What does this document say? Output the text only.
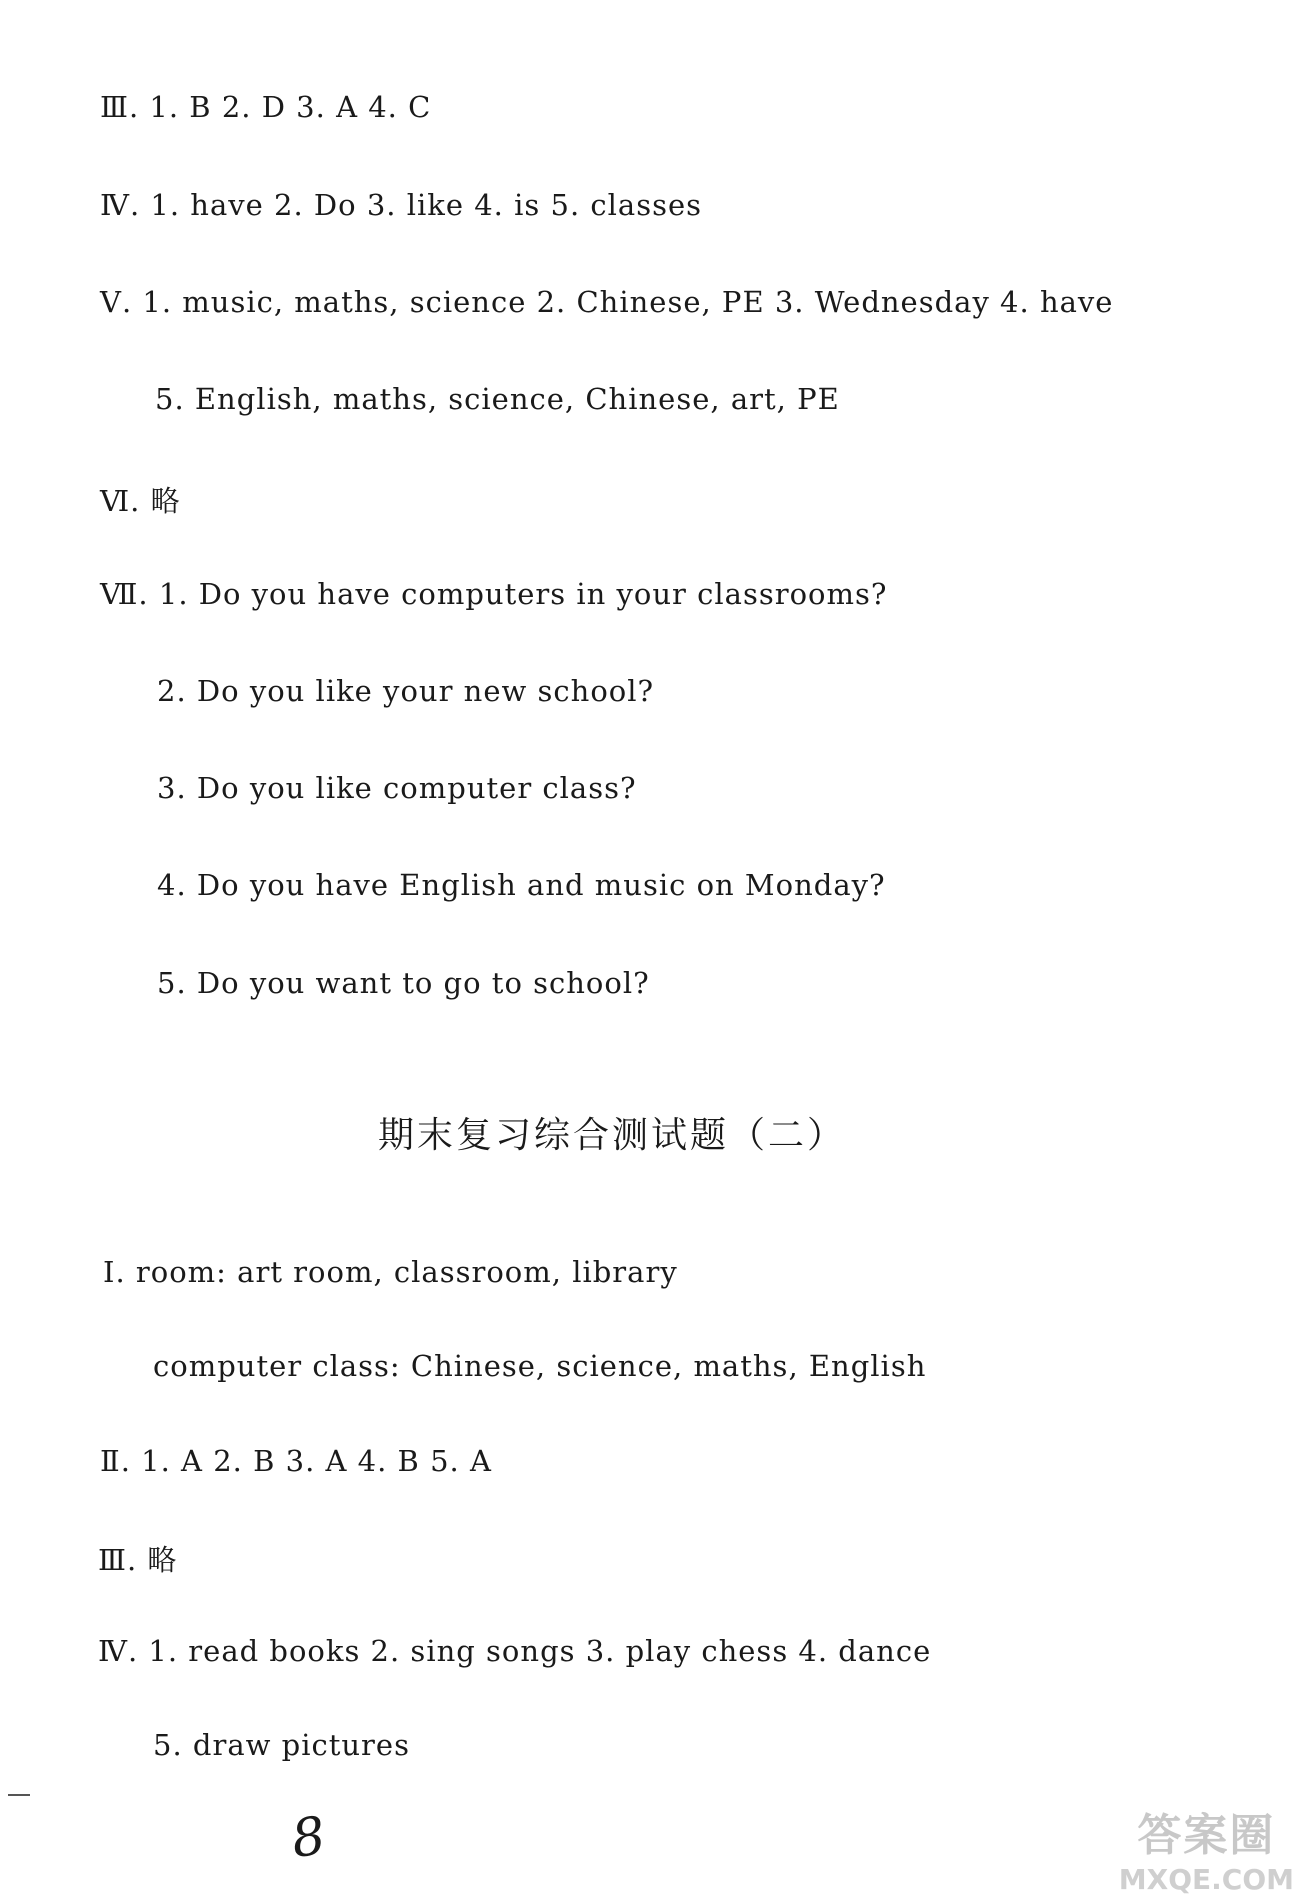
Ⅲ. 1. B 2. D 3. A 4. C
Ⅳ. 1. have 2. Do 3. like 4. is 5. classes
Ⅴ. 1. music, maths, science 2. Chinese, PE 3. Wednesday 4. have
5. English, maths, science, Chinese, art, PE
Ⅵ. 略
Ⅶ. 1. Do you have computers in your classrooms?
2. Do you like your new school?
3. Do you like computer class?
4. Do you have English and music on Monday?
5. Do you want to go to school?
期末复习综合测试题（二）
Ⅰ. room: art room, classroom, library
computer class: Chinese, science, maths, English
Ⅱ. 1. A 2. B 3. A 4. B 5. A
Ⅲ. 略
Ⅳ. 1. read books 2. sing songs 3. play chess 4. dance
5. draw pictures
8	答案圈
MXQE.COM
